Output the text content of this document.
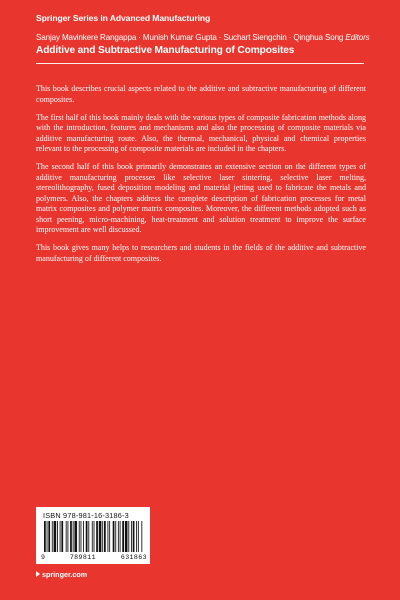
Springer Series in Advanced Manufacturing
Sanjay Mavinkere Rangappa · Munish Kumar Gupta · Suchart Siengchin · Qinghua Song Editors
Additive and Subtractive Manufacturing of Composites

This book describes crucial aspects related to the additive and subtractive manufacturing of different composites.

The first half of this book mainly deals with the various types of composite fabrication methods along with the introduction, features and mechanisms and also the processing of composite materials via additive manufacturing route. Also, the thermal, mechanical, physical and chemical properties relevant to the processing of composite materials are included in the chapters.

The second half of this book primarily demonstrates an extensive section on the different types of additive manufacturing processes like selective laser sintering, selective laser melting, stereolithography, fused deposition modeling and material jetting used to fabricate the metals and polymers. Also, the chapters address the complete description of fabrication processes for metal matrix composites and polymer matrix composites. Moreover, the different methods adopted such as short peening, micro-machining, heat-treatment and solution treatment to improve the surface improvement are well discussed.

This book gives many helps to researchers and students in the fields of the additive and subtractive manufacturing of different composites.

ISBN 978-981-16-3186-3
9	789811	631863
springer.com
